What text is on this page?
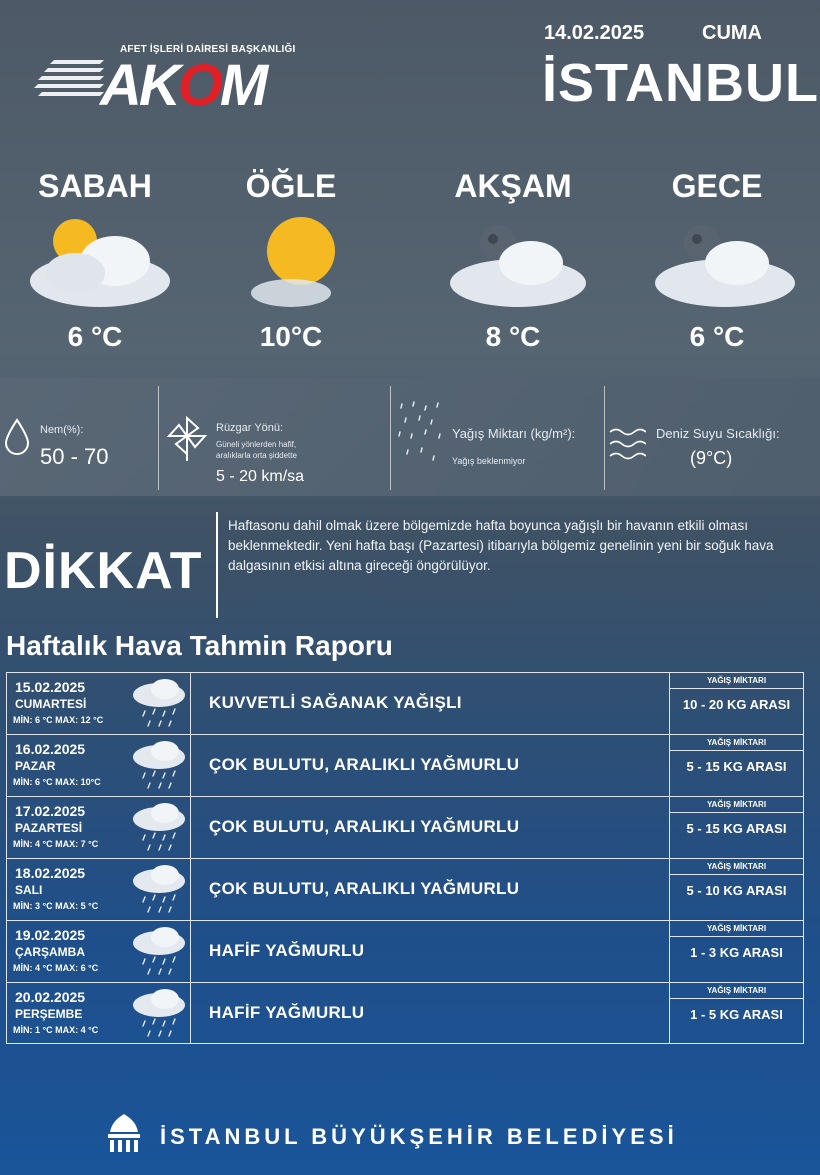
AFET İŞLERİ DAİRESİ BAŞKANLIĞI
AKOM
14.02.2025	CUMA
İSTANBUL
SABAH
6 °C
ÖĞLE
10°C
AKŞAM
8 °C
GECE
6 °C
Nem(%):
50 - 70
Rüzgar Yönü:
Güneli yönlerden hafif,
aralıklarla orta şiddette
5 - 20 km/sa
Yağış Miktarı (kg/m²):
Yağış beklenmiyor
Deniz Suyu Sıcaklığı:
(9°C)
DİKKAT
Haftasonu dahil olmak üzere bölgemizde hafta boyunca yağışlı bir havanın etkili olması beklenmektedir. Yeni hafta başı (Pazartesi) itibarıyla bölgemiz genelinin yeni bir soğuk hava dalgasının etkisi altına gireceği öngörülüyor.
Haftalık Hava Tahmin Raporu
15.02.2025
CUMARTESİ
MİN: 6 °C MAX: 12 °C
KUVVETLİ SAĞANAK YAĞIŞLI
YAĞIŞ MİKTARI
10 - 20 KG ARASI
16.02.2025
PAZAR
MİN: 6 °C MAX: 10°C
ÇOK BULUTU, ARALIKLI YAĞMURLU
YAĞIŞ MİKTARI
5 - 15 KG ARASI
17.02.2025
PAZARTESİ
MİN: 4 °C MAX: 7 °C
ÇOK BULUTU, ARALIKLI YAĞMURLU
YAĞIŞ MİKTARI
5 - 15 KG ARASI
18.02.2025
SALI
MİN: 3 °C MAX: 5 °C
ÇOK BULUTU, ARALIKLI YAĞMURLU
YAĞIŞ MİKTARI
5 - 10 KG ARASI
19.02.2025
ÇARŞAMBA
MİN: 4 °C MAX: 6 °C
HAFİF YAĞMURLU
YAĞIŞ MİKTARI
1 - 3 KG ARASI
20.02.2025
PERŞEMBE
MİN: 1 °C MAX: 4 °C
HAFİF YAĞMURLU
YAĞIŞ MİKTARI
1 - 5 KG ARASI
İSTANBUL BÜYÜKŞEHİR BELEDİYESİ
